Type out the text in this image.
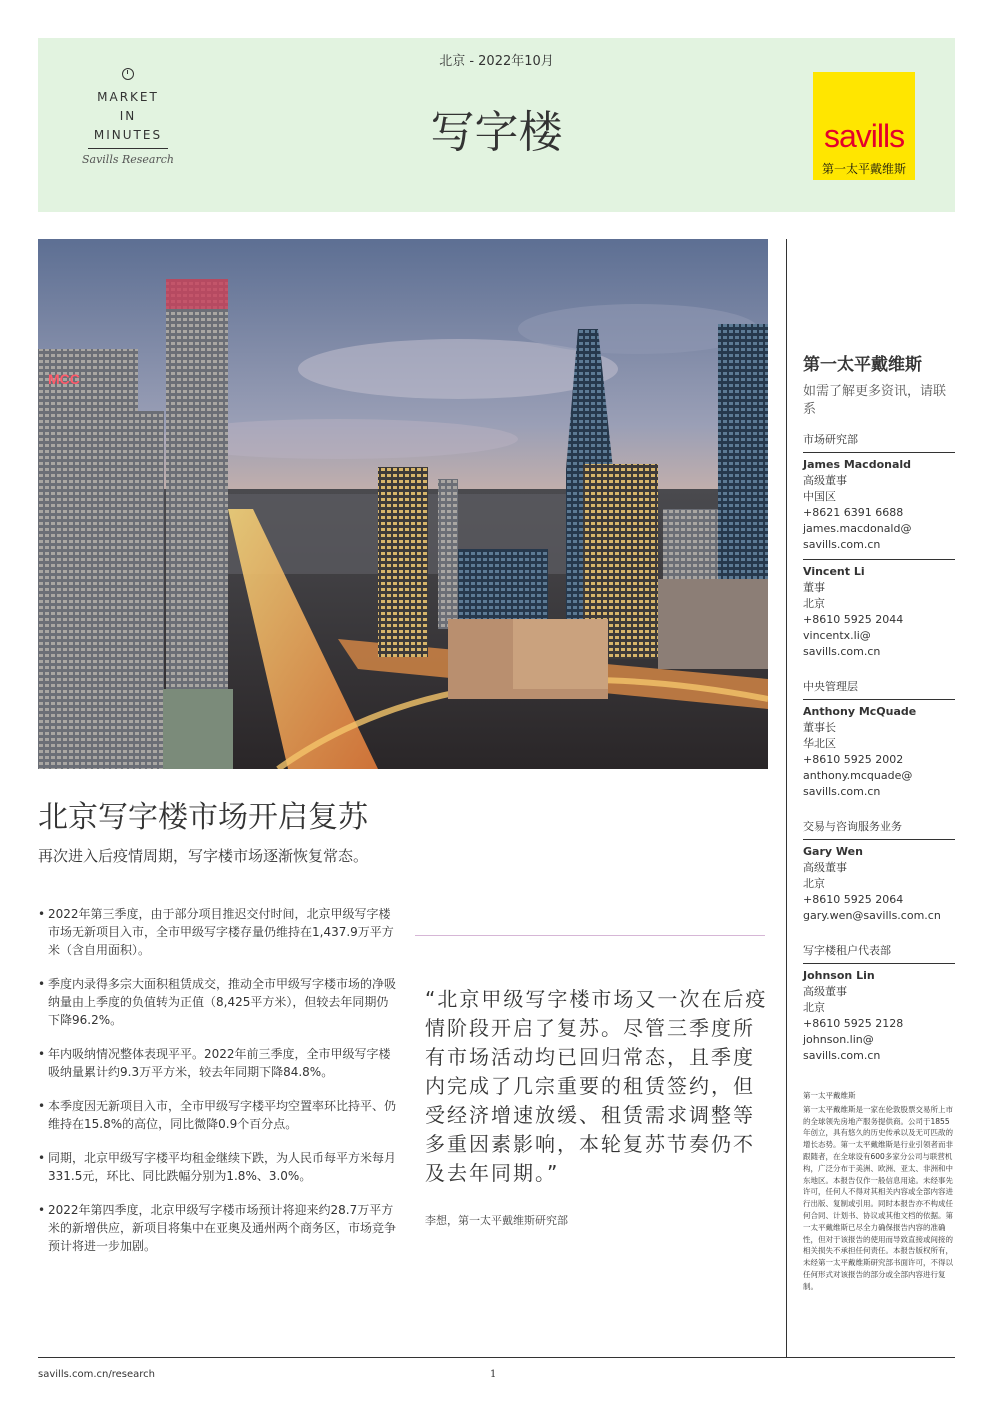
MARKET
IN
MINUTES
Savills Research
北京 - 2022年10月
写字楼	savills
第一太平戴维斯
MCC
北京写字楼市场开启复苏
再次进入后疫情周期，写字楼市场逐渐恢复常态。
• 2022年第三季度，由于部分项目推迟交付时间，北京甲级写字楼市场无新项目入市，全市甲级写字楼存量仍维持在1,437.9万平方米（含自用面积）。
• 季度内录得多宗大面积租赁成交，推动全市甲级写字楼市场的净吸纳量由上季度的负值转为正值（8,425平方米），但较去年同期仍下降96.2%。
• 年内吸纳情况整体表现平平。2022年前三季度，全市甲级写字楼吸纳量累计约9.3万平方米，较去年同期下降84.8%。
• 本季度因无新项目入市，全市甲级写字楼平均空置率环比持平、仍维持在15.8%的高位，同比微降0.9个百分点。
• 同期，北京甲级写字楼平均租金继续下跌，为人民币每平方米每月331.5元，环比、同比跌幅分别为1.8%、3.0%。
• 2022年第四季度，北京甲级写字楼市场预计将迎来约28.7万平方米的新增供应，新项目将集中在亚奥及通州两个商务区，市场竞争预计将进一步加剧。
“北京甲级写字楼市场又一次在后疫情阶段开启了复苏。尽管三季度所有市场活动均已回归常态，且季度内完成了几宗重要的租赁签约，但受经济增速放缓、租赁需求调整等多重因素影响，本轮复苏节奏仍不及去年同期。”
李想，第一太平戴维斯研究部
第一太平戴维斯
如需了解更多资讯，请联系
市场研究部
James Macdonald
高级董事
中国区
+8621 6391 6688
james.macdonald@
savills.com.cn
Vincent Li
董事
北京
+8610 5925 2044
vincentx.li@
savills.com.cn
中央管理层
Anthony McQuade
董事长
华北区
+8610 5925 2002
anthony.mcquade@
savills.com.cn
交易与咨询服务业务
Gary Wen
高级董事
北京
+8610 5925 2064
gary.wen@savills.com.cn
写字楼租户代表部
Johnson Lin
高级董事
北京
+8610 5925 2128
johnson.lin@
savills.com.cn
第一太平戴维斯
第一太平戴维斯是一家在伦敦股票交易所上市的全球领先房地产服务提供商。公司于1855年创立，具有悠久的历史传承以及无可匹敌的增长态势。第一太平戴维斯是行业引领者而非跟随者，在全球设有600多家分公司与联营机构，广泛分布于美洲、欧洲、亚太、非洲和中东地区。本报告仅作一般信息用途。未经事先许可，任何人不得对其相关内容或全部内容进行出版、复制或引用。同时本报告亦不构成任何合同、计划书、协议或其他文档的依据。第一太平戴维斯已尽全力确保报告内容的准确性，但对于该报告的使用而导致直接或间接的相关损失不承担任何责任。本报告版权所有，未经第一太平戴维斯研究部书面许可，不得以任何形式对该报告的部分或全部内容进行复制。
savills.com.cn/research	1
